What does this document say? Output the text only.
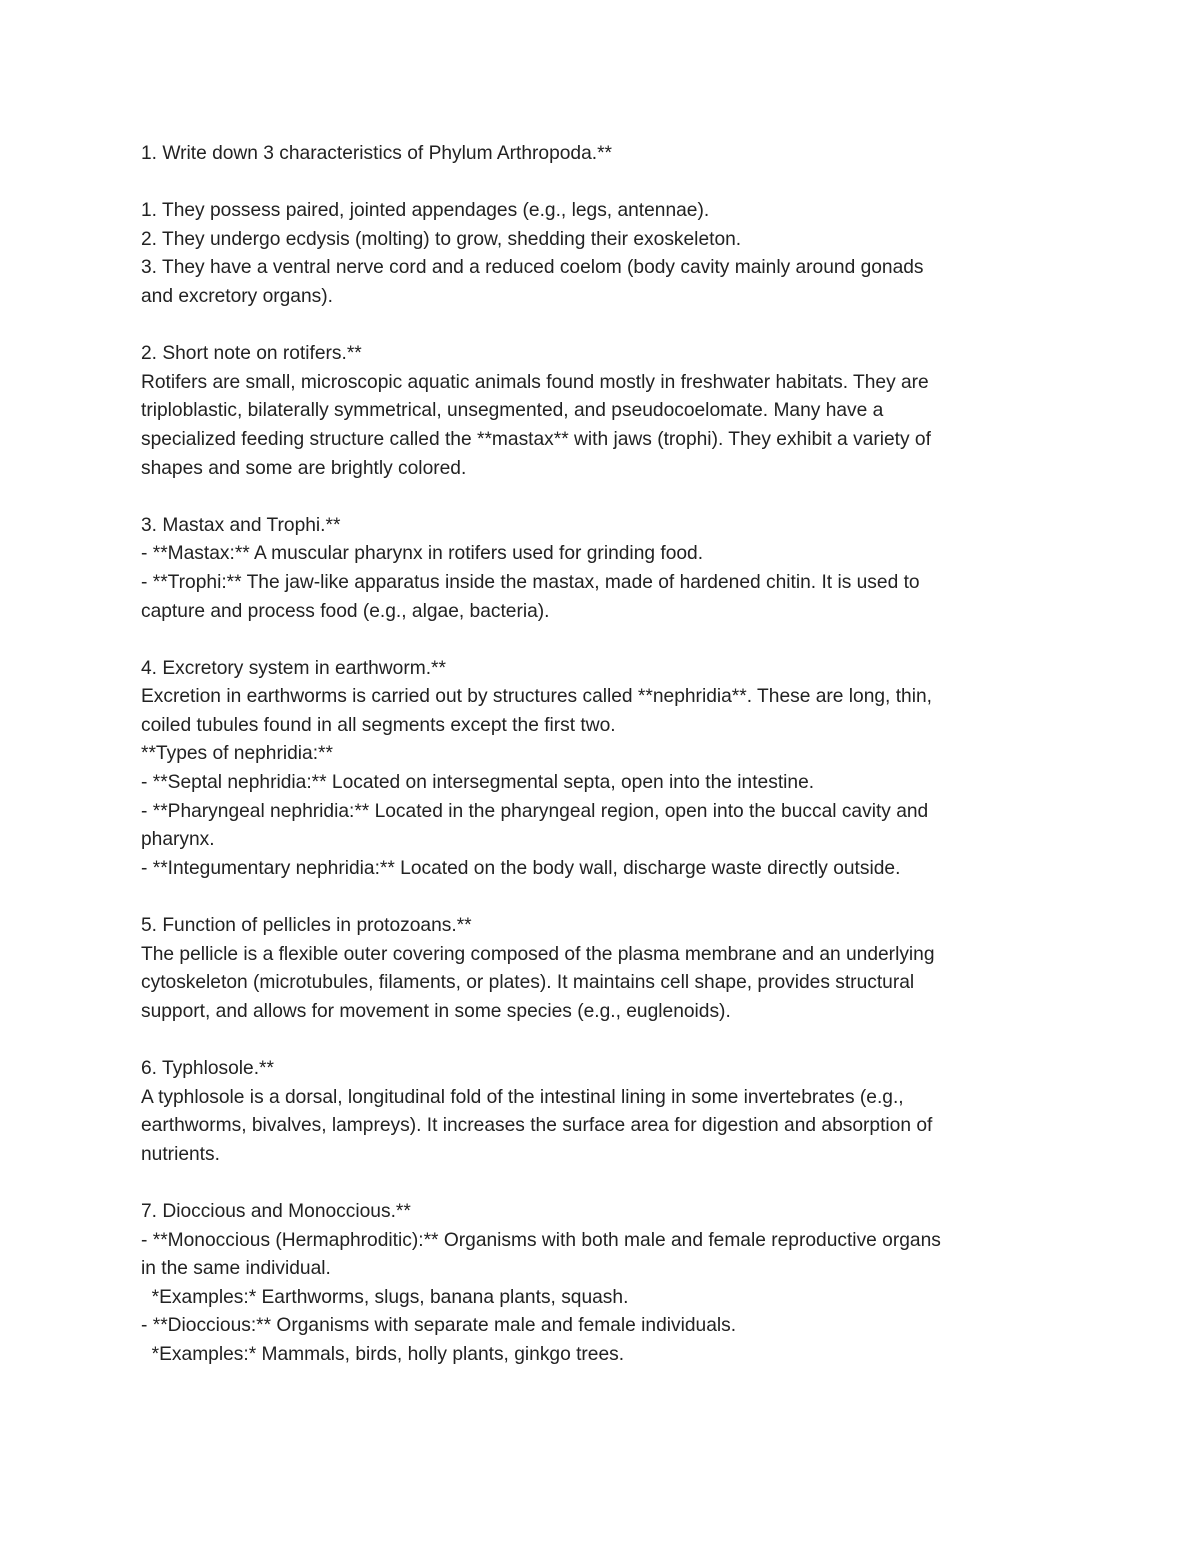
1. Write down 3 characteristics of Phylum Arthropoda.**

1. They possess paired, jointed appendages (e.g., legs, antennae).

2. They undergo ecdysis (molting) to grow, shedding their exoskeleton.

3. They have a ventral nerve cord and a reduced coelom (body cavity mainly around gonads

and excretory organs).

2. Short note on rotifers.**

Rotifers are small, microscopic aquatic animals found mostly in freshwater habitats. They are

triploblastic, bilaterally symmetrical, unsegmented, and pseudocoelomate. Many have a

specialized feeding structure called the **mastax** with jaws (trophi). They exhibit a variety of

shapes and some are brightly colored.

3. Mastax and Trophi.**

- **Mastax:** A muscular pharynx in rotifers used for grinding food.

- **Trophi:** The jaw-like apparatus inside the mastax, made of hardened chitin. It is used to

capture and process food (e.g., algae, bacteria).

4. Excretory system in earthworm.**

Excretion in earthworms is carried out by structures called **nephridia**. These are long, thin,

coiled tubules found in all segments except the first two.

**Types of nephridia:**

- **Septal nephridia:** Located on intersegmental septa, open into the intestine.

- **Pharyngeal nephridia:** Located in the pharyngeal region, open into the buccal cavity and

pharynx.

- **Integumentary nephridia:** Located on the body wall, discharge waste directly outside.

5. Function of pellicles in protozoans.**

The pellicle is a flexible outer covering composed of the plasma membrane and an underlying

cytoskeleton (microtubules, filaments, or plates). It maintains cell shape, provides structural

support, and allows for movement in some species (e.g., euglenoids).

6. Typhlosole.**

A typhlosole is a dorsal, longitudinal fold of the intestinal lining in some invertebrates (e.g.,

earthworms, bivalves, lampreys). It increases the surface area for digestion and absorption of

nutrients.

7. Dioccious and Monoccious.**

- **Monoccious (Hermaphroditic):** Organisms with both male and female reproductive organs

in the same individual.

*Examples:* Earthworms, slugs, banana plants, squash.

- **Dioccious:** Organisms with separate male and female individuals.

*Examples:* Mammals, birds, holly plants, ginkgo trees.
